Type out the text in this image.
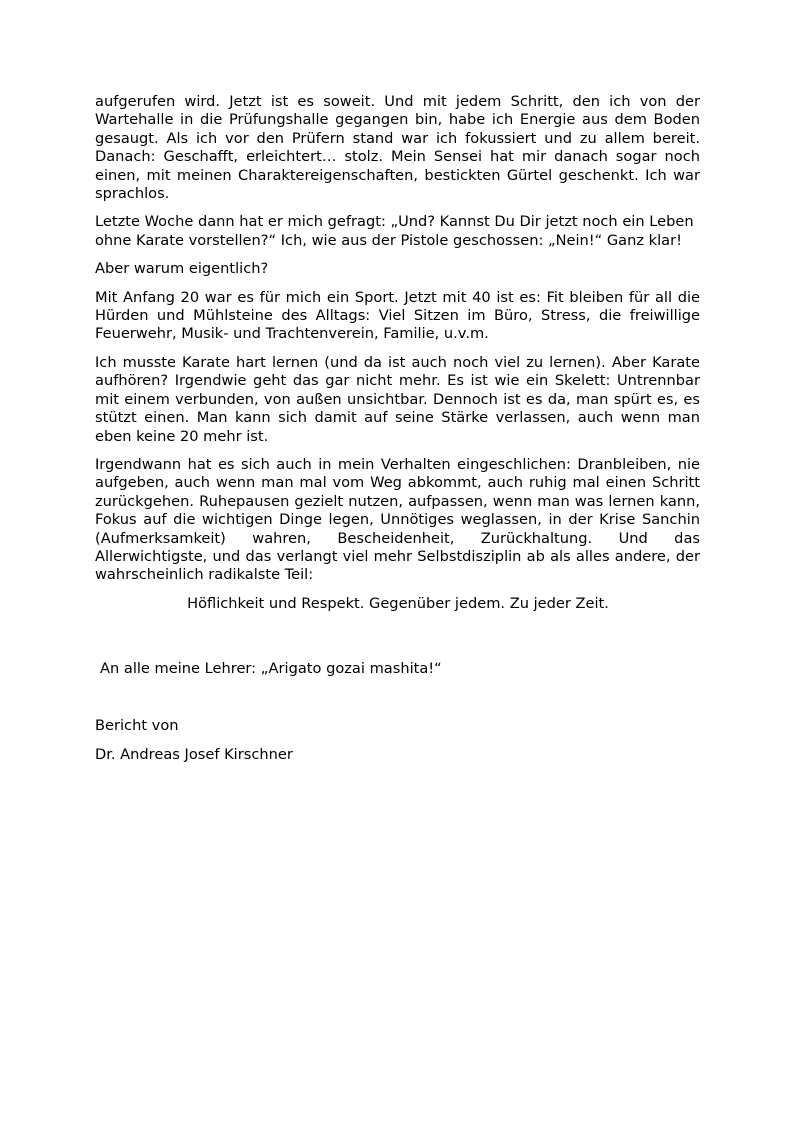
aufgerufen wird. Jetzt ist es soweit. Und mit jedem Schritt, den ich von der Wartehalle in die Prüfungshalle gegangen bin, habe ich Energie aus dem Boden gesaugt. Als ich vor den Prüfern stand war ich fokussiert und zu allem bereit. Danach: Geschafft, erleichtert… stolz. Mein Sensei hat mir danach sogar noch einen, mit meinen Charaktereigenschaften, bestickten Gürtel geschenkt. Ich war sprachlos.

Letzte Woche dann hat er mich gefragt: „Und? Kannst Du Dir jetzt noch ein Leben ohne Karate vorstellen?“ Ich, wie aus der Pistole geschossen: „Nein!“ Ganz klar!

Aber warum eigentlich?

Mit Anfang 20 war es für mich ein Sport. Jetzt mit 40 ist es: Fit bleiben für all die Hürden und Mühlsteine des Alltags: Viel Sitzen im Büro, Stress, die freiwillige Feuerwehr, Musik- und Trachtenverein, Familie, u.v.m.

Ich musste Karate hart lernen (und da ist auch noch viel zu lernen). Aber Karate aufhören? Irgendwie geht das gar nicht mehr. Es ist wie ein Skelett: Untrennbar mit einem verbunden, von außen unsichtbar. Dennoch ist es da, man spürt es, es stützt einen. Man kann sich damit auf seine Stärke verlassen, auch wenn man eben keine 20 mehr ist.

Irgendwann hat es sich auch in mein Verhalten eingeschlichen: Dranbleiben, nie aufgeben, auch wenn man mal vom Weg abkommt, auch ruhig mal einen Schritt zurückgehen. Ruhepausen gezielt nutzen, aufpassen, wenn man was lernen kann, Fokus auf die wichtigen Dinge legen, Unnötiges weglassen, in der Krise Sanchin (Aufmerksamkeit) wahren, Bescheidenheit, Zurückhaltung. Und das Allerwichtigste, und das verlangt viel mehr Selbstdisziplin ab als alles andere, der wahrscheinlich radikalste Teil:

Höflichkeit und Respekt. Gegenüber jedem. Zu jeder Zeit.

An alle meine Lehrer: „Arigato gozai mashita!“

Bericht von

Dr. Andreas Josef Kirschner
